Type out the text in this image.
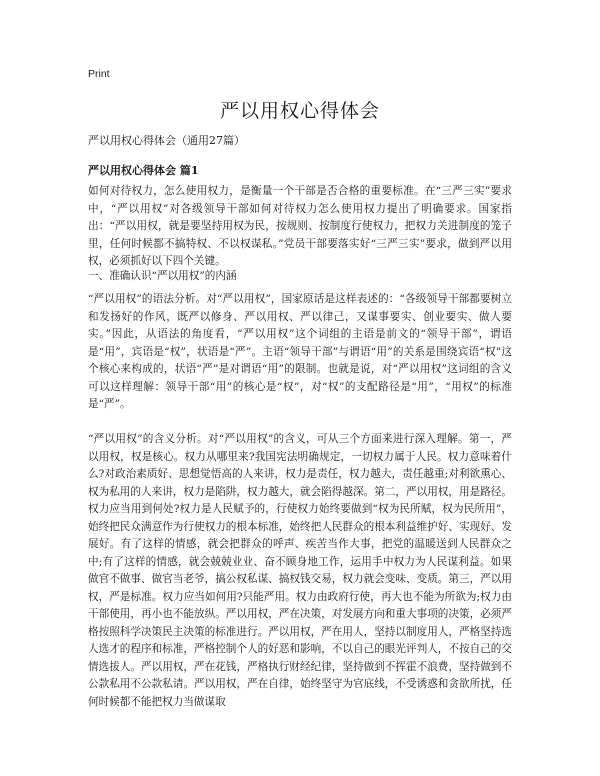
Print
严以用权心得体会
严以用权心得体会（通用27篇）
严以用权心得体会 篇1

如何对待权力，怎么使用权力，是衡量一个干部是否合格的重要标准。在“三严三实”要求中，“严以用权”对各级领导干部如何对待权力怎么使用权力提出了明确要求。国家指出：“严以用权，就是要坚持用权为民，按规则、按制度行使权力，把权力关进制度的笼子里，任何时候都不搞特权、不以权谋私。”党员干部要落实好“三严三实”要求，做到严以用权，必须抓好以下四个关键。

一、准确认识“严以用权”的内涵

“严以用权”的语法分析。对“严以用权”，国家原话是这样表述的：“各级领导干部都要树立和发扬好的作风，既严以修身、严以用权、严以律己，又谋事要实、创业要实、做人要实。”因此，从语法的角度看，“严以用权”这个词组的主语是前文的“领导干部”，谓语是“用”，宾语是“权”，状语是“严”。主语“领导干部”与谓语“用”的关系是围绕宾语“权”这个核心来构成的，状语“严”是对谓语“用”的限制。也就是说，对“严以用权”这词组的含义可以这样理解：领导干部“用”的核心是“权”，对“权”的支配路径是“用”，“用权”的标准是“严”。

“严以用权”的含义分析。对“严以用权”的含义，可从三个方面来进行深入理解。第一，严以用权，权是核心。权力从哪里来?我国宪法明确规定，一切权力属于人民。权力意味着什么?对政治素质好、思想觉悟高的人来讲，权力是责任，权力越大，责任越重;对利欲熏心、权为私用的人来讲，权力是陷阱，权力越大，就会陷得越深。第二，严以用权，用是路径。权力应当用到何处?权力是人民赋予的，行使权力始终要做到“权为民所赋，权为民所用”，始终把民众满意作为行使权力的根本标准，始终把人民群众的根本利益维护好、实现好、发展好。有了这样的情感，就会把群众的呼声、疾苦当作大事，把党的温暖送到人民群众之中;有了这样的情感，就会兢兢业业、奋不顾身地工作，运用手中权力为人民谋利益。如果做官不做事、做官当老爷，搞公权私谋、搞权钱交易，权力就会变味、变质。第三，严以用权，严是标准。权力应当如何用?只能严用。权力由政府行使，再大也不能为所欲为;权力由干部使用，再小也不能放纵。严以用权，严在决策，对发展方向和重大事项的决策，必须严格按照科学决策民主决策的标准进行。严以用权，严在用人，坚持以制度用人，严格坚持选人选才的程序和标准，严格控制个人的好恶和影响，不以自己的眼光评判人，不按自己的交情选拔人。严以用权，严在花钱，严格执行财经纪律，坚持做到不挥霍不浪费，坚持做到不公款私用不公款私请。严以用权，严在自律，始终坚守为官底线，不受诱惑和贪欲所扰，任何时候都不能把权力当做谋取
